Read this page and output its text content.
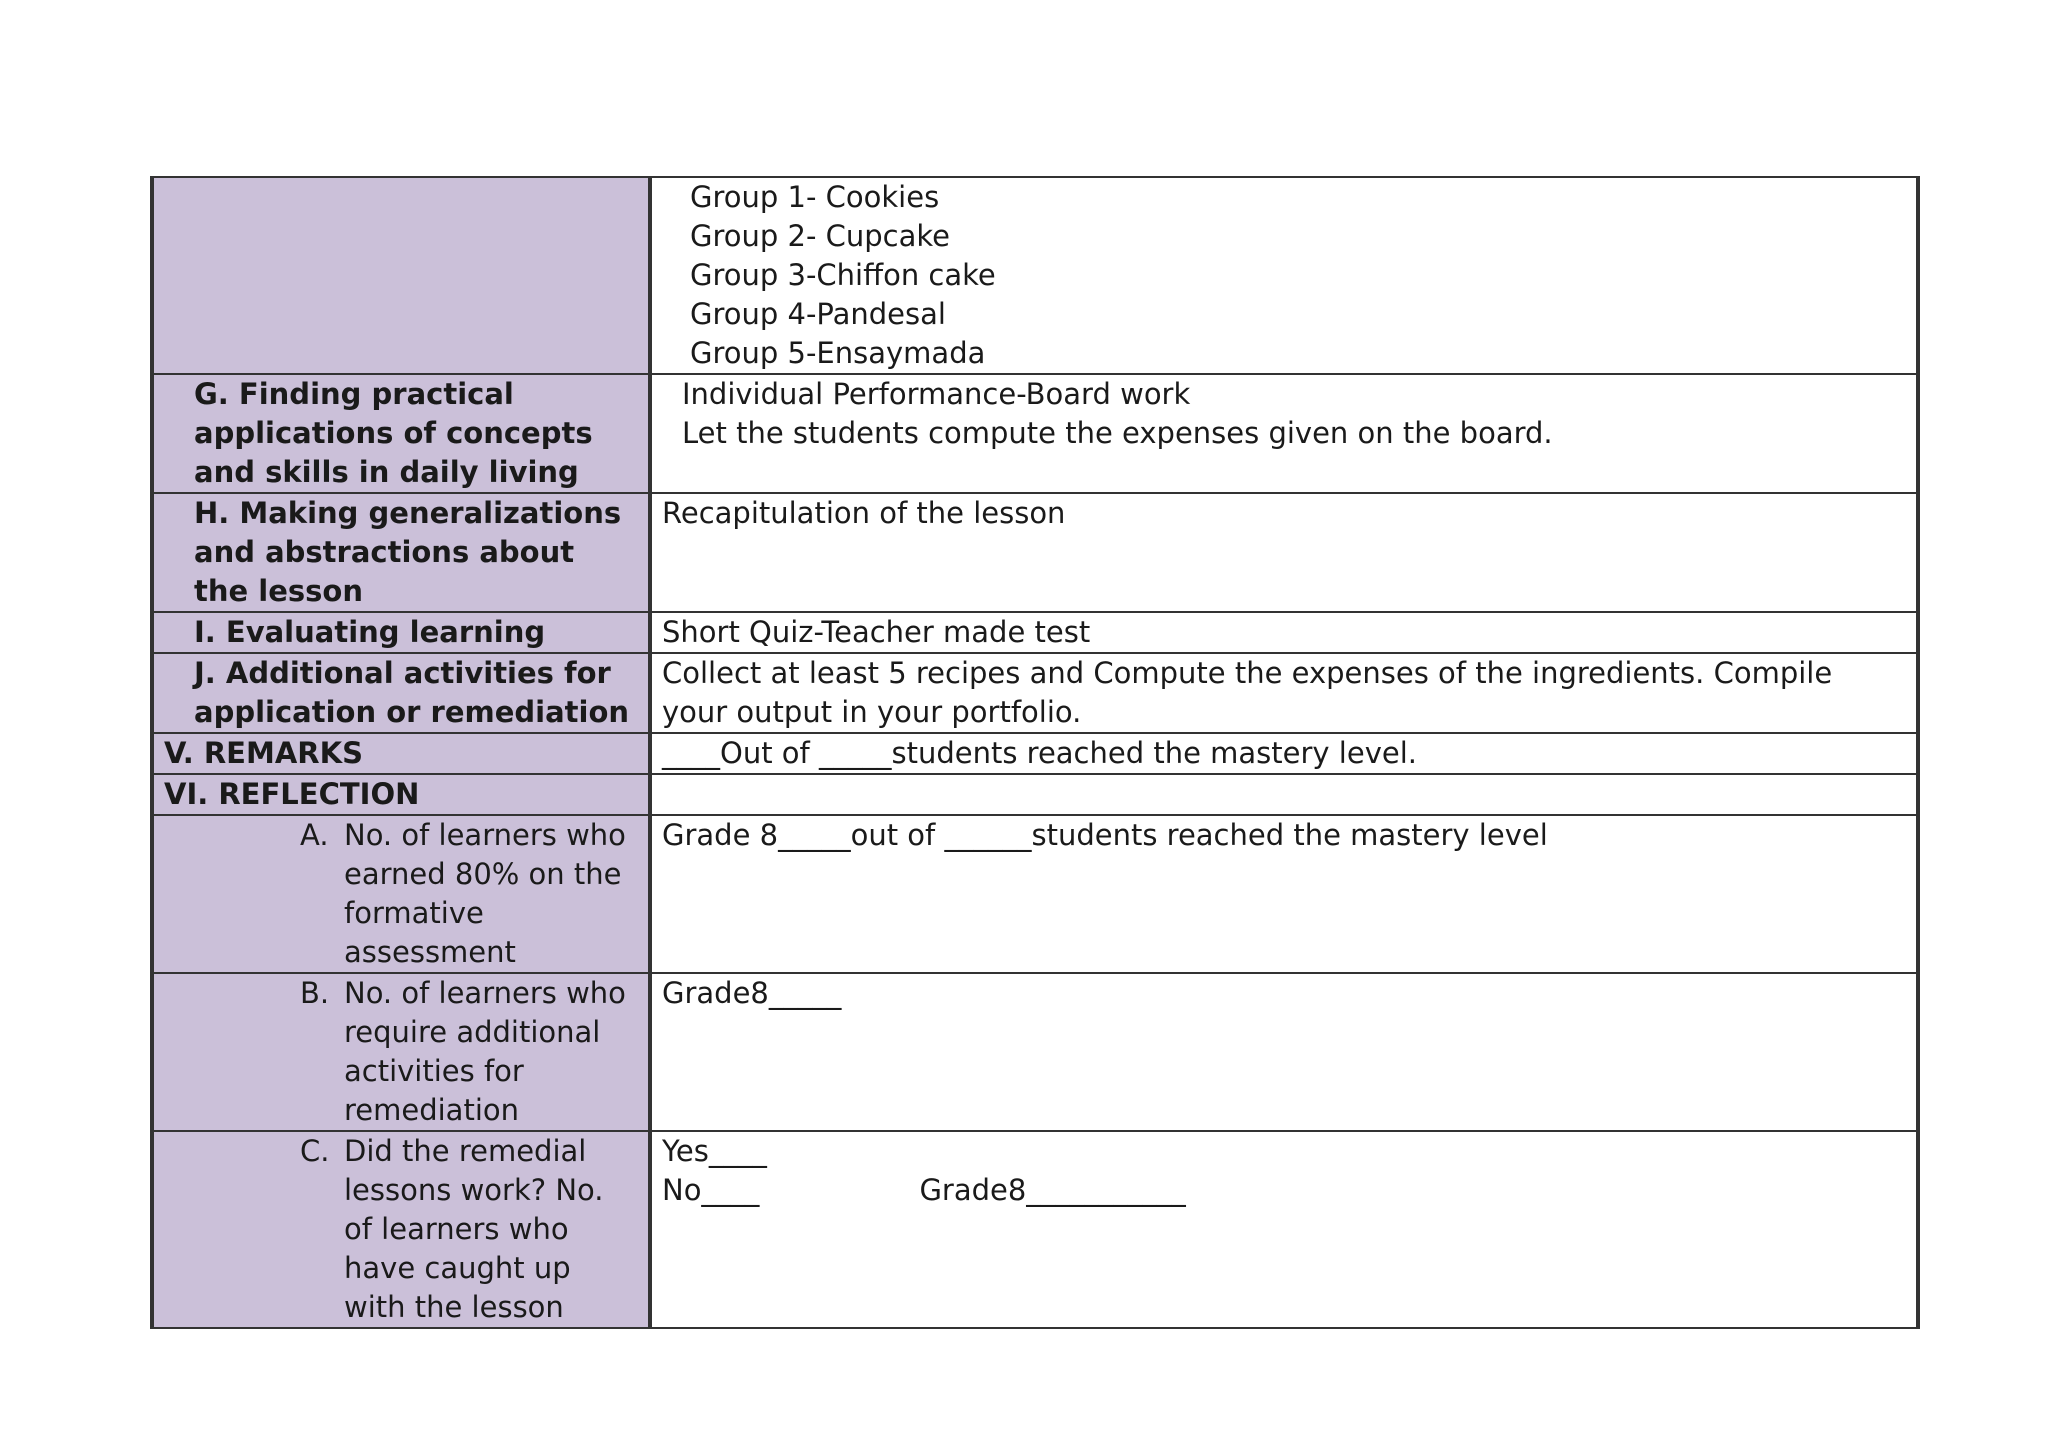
	Group 1- Cookies
Group 2- Cupcake
Group 3-Chiffon cake
Group 4-Pandesal
Group 5-Ensaymada

G. Finding practical applications of concepts and skills in daily living	Individual Performance-Board work
Let the students compute the expenses given on the board.

H. Making generalizations and abstractions about the lesson	Recapitulation of the lesson
I. Evaluating learning	Short Quiz-Teacher made test
J. Additional activities for application or remediation	Collect at least 5 recipes and Compute the expenses of the ingredients. Compile your output in your portfolio.
V. REMARKS	____Out of _____students reached the mastery level.
VI. REFLECTION	

A. No. of learners who earned 80% on the formative assessment	Grade 8_____out of ______students reached the mastery level

B. No. of learners who require additional activities for remediation	Grade8_____

C. Did the remedial lessons work? No. of learners who have caught up with the lesson	Yes____
No____ Grade8___________
